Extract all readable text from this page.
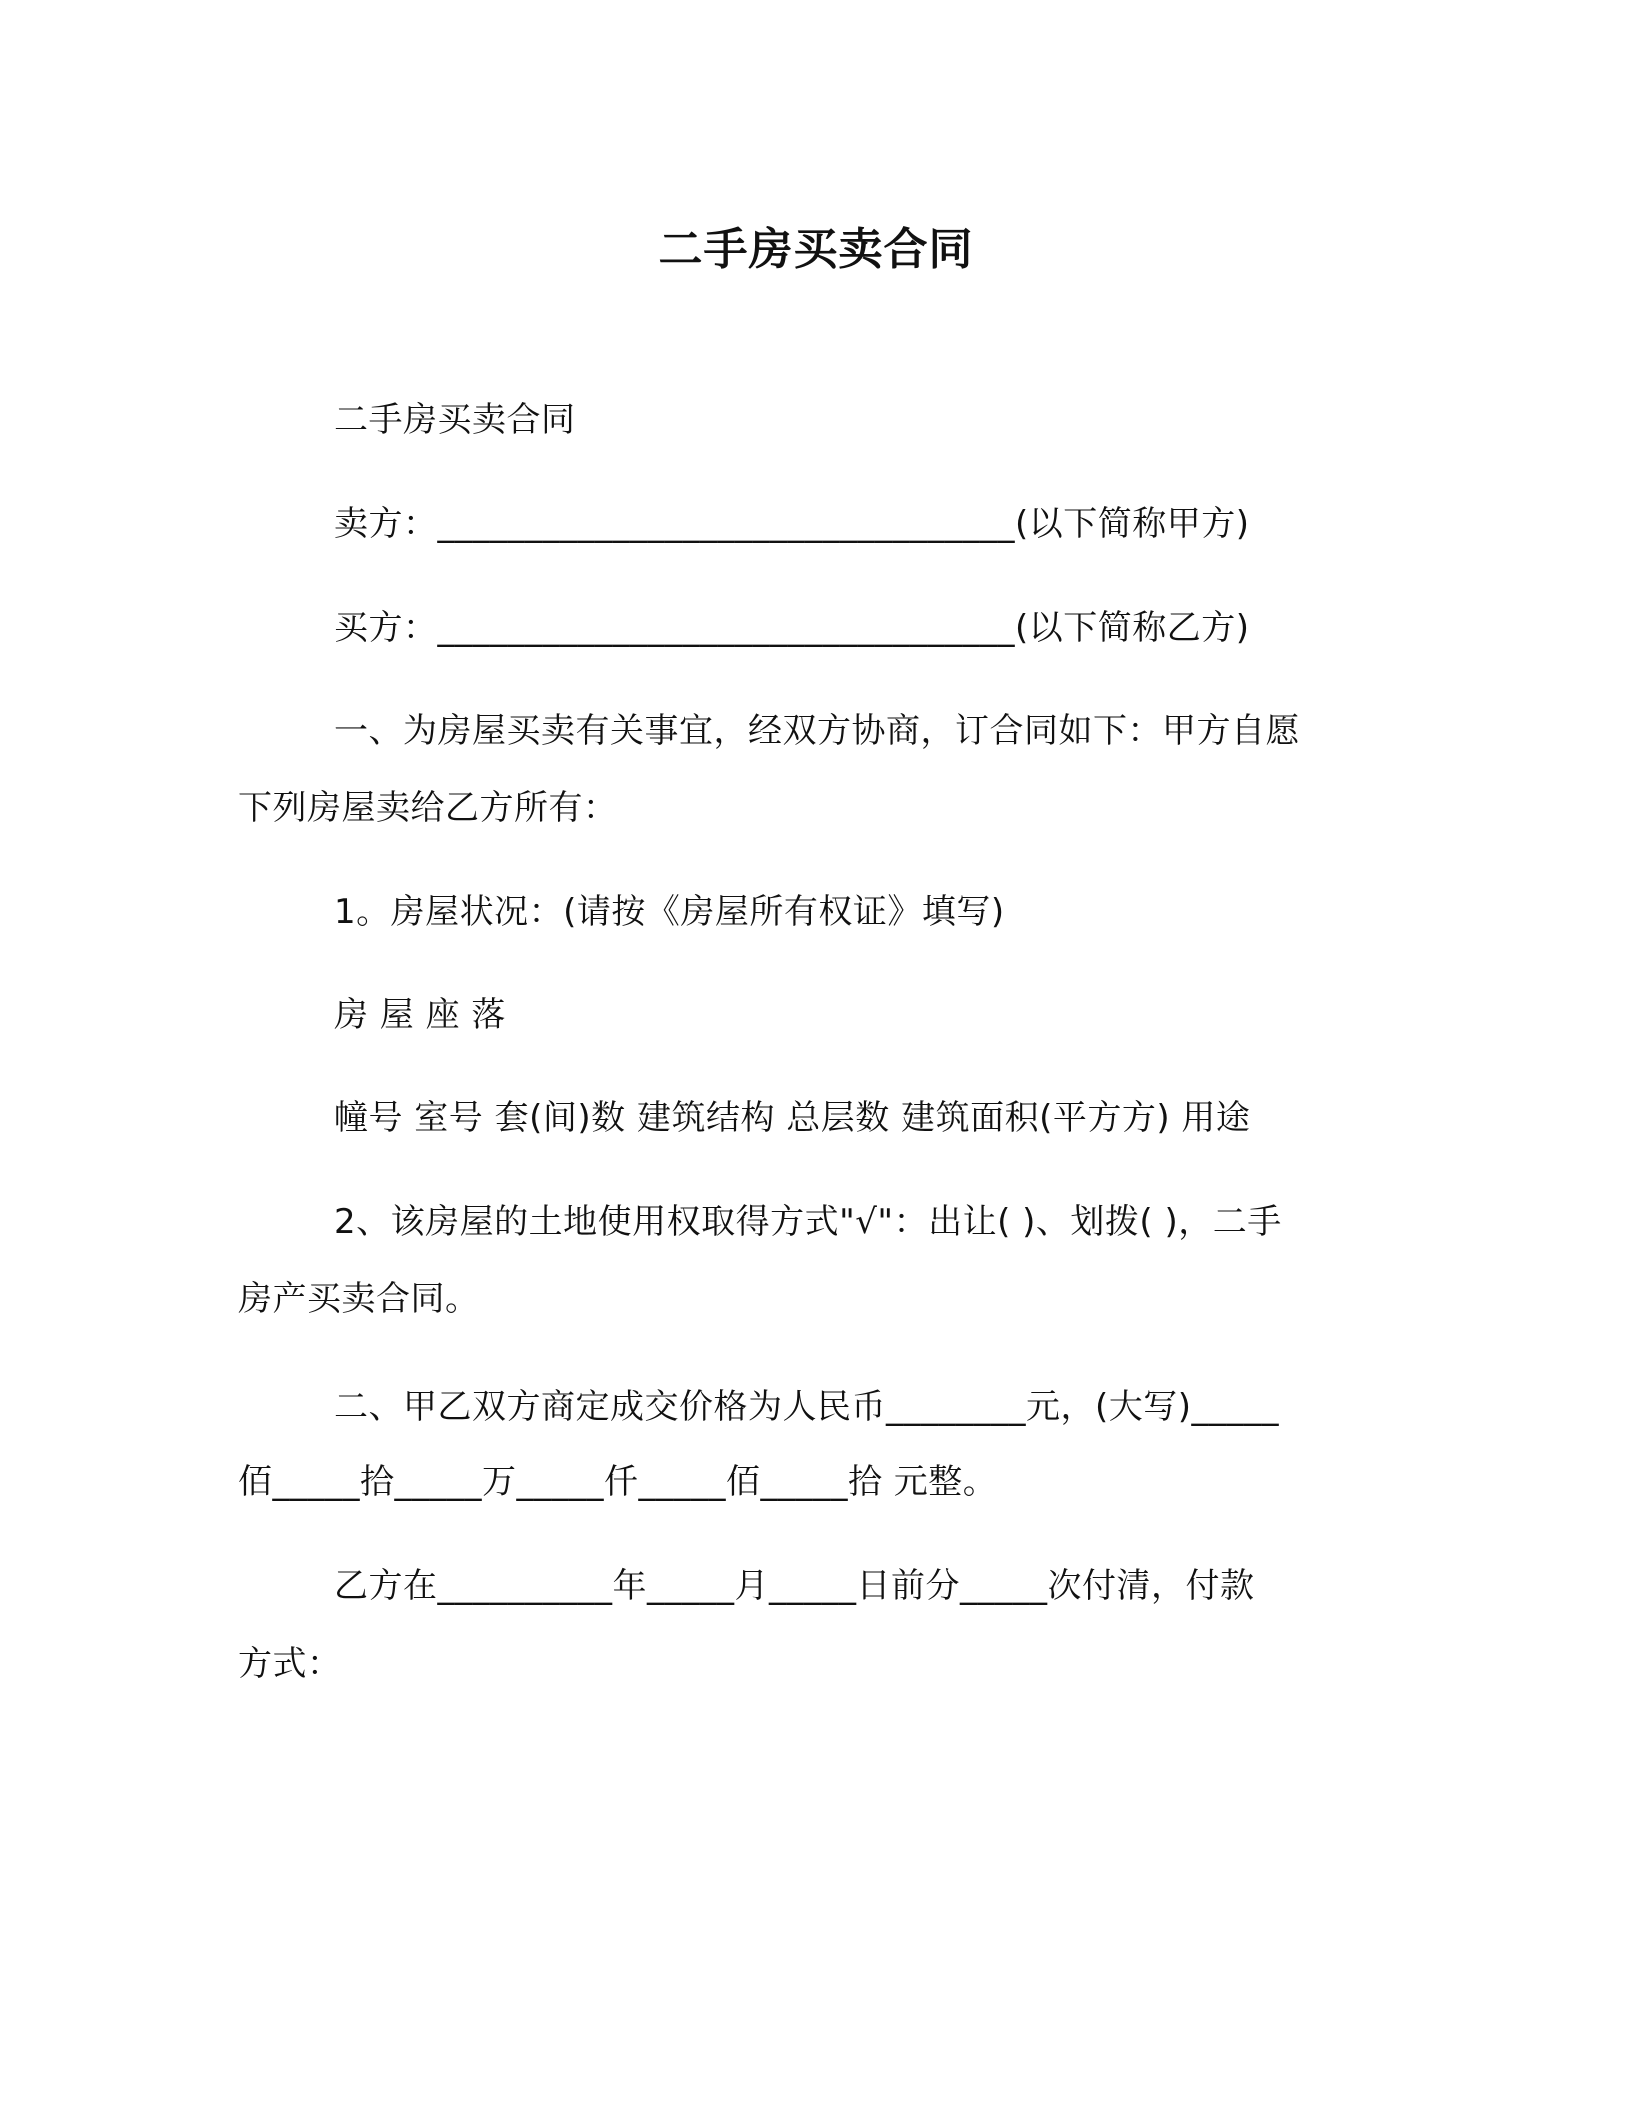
二手房买卖合同
二手房买卖合同
卖方：_________________________________(以下简称甲方)
买方：_________________________________(以下简称乙方)
一、为房屋买卖有关事宜，经双方协商，订合同如下：甲方自愿
下列房屋卖给乙方所有：
1。房屋状况：(请按《房屋所有权证》填写)
房 屋 座 落
幢号 室号 套(间)数 建筑结构 总层数 建筑面积(平方方) 用途
2、该房屋的土地使用权取得方式"√"：出让( )、划拨( )，二手
房产买卖合同。
二、甲乙双方商定成交价格为人民币________元，(大写)_____
佰_____拾_____万_____仟_____佰_____拾 元整。
乙方在__________年_____月_____日前分_____次付清，付款
方式：
